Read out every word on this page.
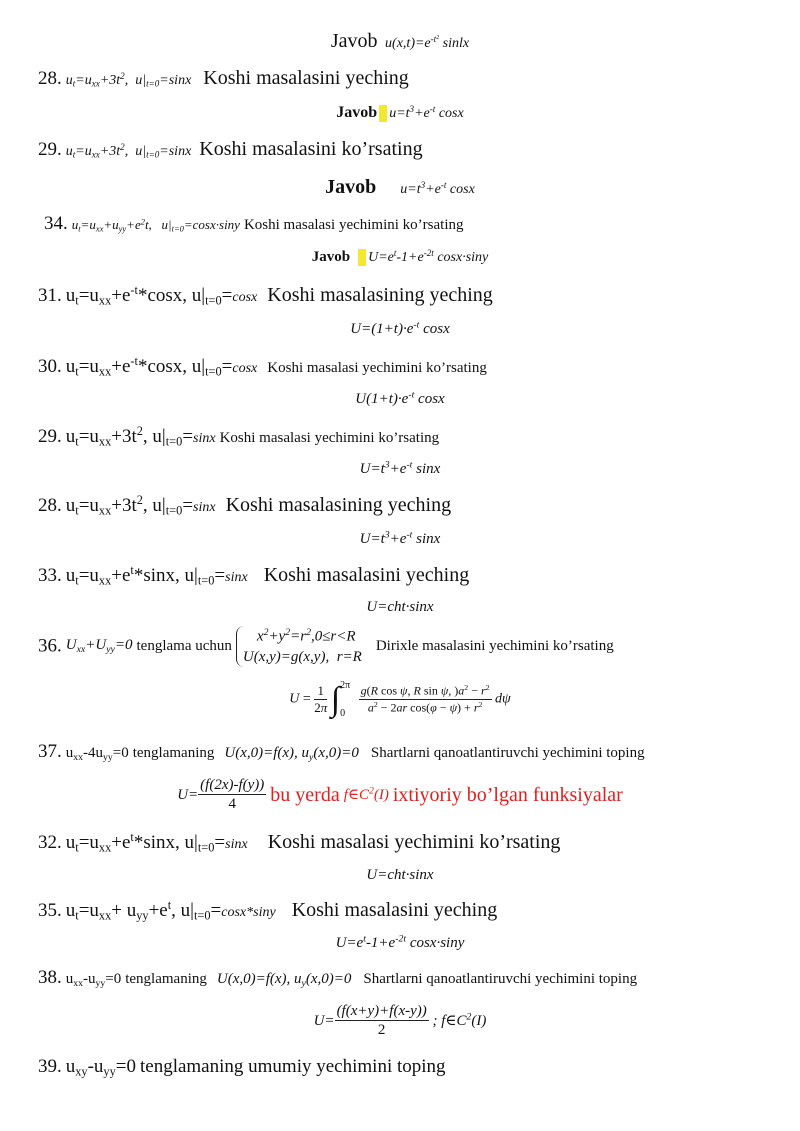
Javob  $u(x,t)=e^{-t^2}$ sinlx
28. $u_t=u_{xx}+3t^2$,  $u|_{t=0}=\sin x$ Koshi masalasini yeching
Javob $u=t^3+e^{-t}$ cosx
29. $u_t=u_{xx}+3t^2$,  $u|_{t=0}=\sin x$ Koshi masalasini ko’rsating
Javob $u=t^3+e^{-t}$ cosx
34. $u_t=u_{xx}+u_{yy}+e^2t$,   $u|_{t=0}=\cos x\cdot\sin y$ Koshi masalasi yechimini ko’rsating
Javob $U=e^t-1+e^{-2t}$ cosx·siny
31. $u_t=u_{xx}+e^{-t}*\cos x$, $u|_{t=0}=\cos x$ Koshi masalasining yeching
$U=(1+t)\cdot e^{-t}$ cosx
30. $u_t=u_{xx}+e^{-t}*\cos x$, $u|_{t=0}=\cos x$ Koshi masalasi yechimini ko’rsating
$U(1+t)\cdot e^{-t}$ cosx
29. $u_t=u_{xx}+3t^2$, $u|_{t=0}=\sin x$ Koshi masalasi yechimini ko’rsating
$U=t^3+e^{-t}$ sinx
28. $u_t=u_{xx}+3t^2$, $u|_{t=0}=\sin x$ Koshi masalasining yeching
$U=t^3+e^{-t}$ sinx
33. $u_t=u_{xx}+e^t*\sin x$, $u|_{t=0}=\sin x$ Koshi masalasini yeching
U=cht·sinx
36. $U_{xx}+U_{yy}=0$ tenglama uchun
$x^2+y^2=r^2,0\le r<R$
U(x,y)=g(x,y),  r=R
Dirixle masalasini yechimini ko’rsating
$U = \frac{1}{2\pi} \int^{2\pi}0 \frac{g(R \cos \psi, R \sin \psi, )a^2 - r^2}{a^2 - 2ar \cos(\varphi - \psi) + r^2}$ dψ
37. $u_{xx}-4u_{yy}=0$ tenglamaning U(x,0)=f(x), $u_y(x,0)=0$ Shartlarni qanoatlantiruvchi yechimini toping
$U= \frac{(f(2x)-f(y))}{4}$ bu yerda $f\in C^2(I)$ ixtiyoriy bo’lgan funksiyalar
32. $u_t=u_{xx}+e^t*\sin x$, $u|_{t=0}=\sin x$ Koshi masalasi yechimini ko’rsating
U=cht·sinx
35. $u_t=u_{xx}+ u_{yy}+e^t$, $u|_{t=0}=\cos x*\sin y$ Koshi masalasini yeching
$U=e^t-1+e^{-2t}$ cosx·siny
38. $u_{xx}-u_{yy}=0$ tenglamaning U(x,0)=f(x), $u_y(x,0)=0$ Shartlarni qanoatlantiruvchi yechimini toping
$U= \frac{(f(x+y)+f(x-y))}{2}$ ; $f\in C^2(I)$
39. $u_{xy}-u_{yy}=0$ tenglamaning umumiy yechimini toping
